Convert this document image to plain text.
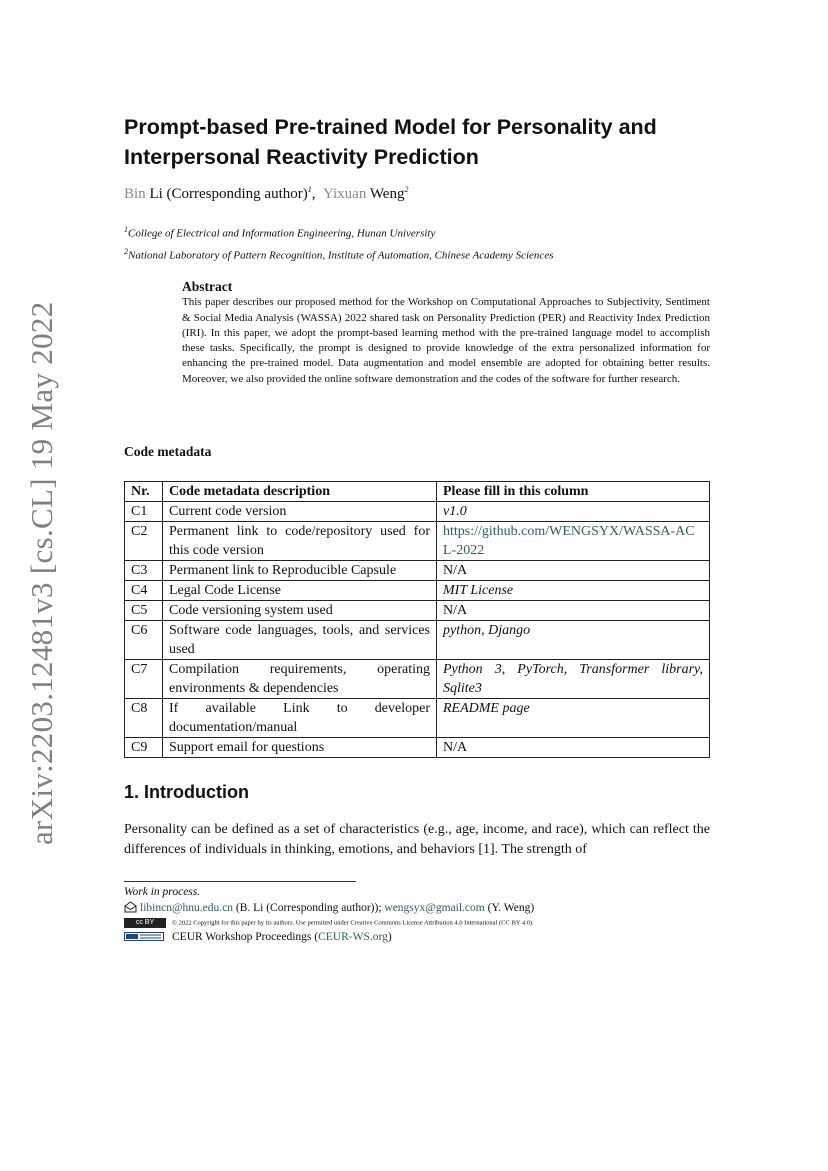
arXiv:2203.12481v3 [cs.CL] 19 May 2022
Prompt-based Pre-trained Model for Personality and Interpersonal Reactivity Prediction
Bin Li (Corresponding author)$^1$, Yixuan Weng$^2$
$^1$College of Electrical and Information Engineering, Hunan University
$^2$National Laboratory of Pattern Recognition, Institute of Automation, Chinese Academy Sciences
Abstract
This paper describes our proposed method for the Workshop on Computational Approaches to Subjectivity, Sentiment & Social Media Analysis (WASSA) 2022 shared task on Personality Prediction (PER) and Reactivity Index Prediction (IRI). In this paper, we adopt the prompt-based learning method with the pre-trained language model to accomplish these tasks. Specifically, the prompt is designed to provide knowledge of the extra personalized information for enhancing the pre-trained model. Data augmentation and model ensemble are adopted for obtaining better results. Moreover, we also provided the online software demonstration and the codes of the software for further research.
Code metadata
Nr.	Code metadata description	Please fill in this column
C1	Current code version	v1.0
C2	Permanent link to code/repository used for this code version	https://github.com/WENGSYX/WASSA-ACL-2022
C3	Permanent link to Reproducible Capsule	N/A
C4	Legal Code License	MIT License
C5	Code versioning system used	N/A
C6	Software code languages, tools, and services used	python, Django
C7	Compilation requirements, operating environments & dependencies	Python 3, PyTorch, Transformer library, Sqlite3
C8	If available Link to developer documentation/manual	README page
C9	Support email for questions	N/A
1. Introduction
Personality can be defined as a set of characteristics (e.g., age, income, and race), which can reflect the differences of individuals in thinking, emotions, and behaviors [1]. The strength of
Work in process.
libincn@hnu.edu.cn (B. Li (Corresponding author)); wengsyx@gmail.com (Y. Weng)
cc BY	© 2022 Copyright for this paper by its authors. Use permitted under Creative Commons License Attribution 4.0 International (CC BY 4.0).
CEUR Workshop Proceedings (CEUR-WS.org)
